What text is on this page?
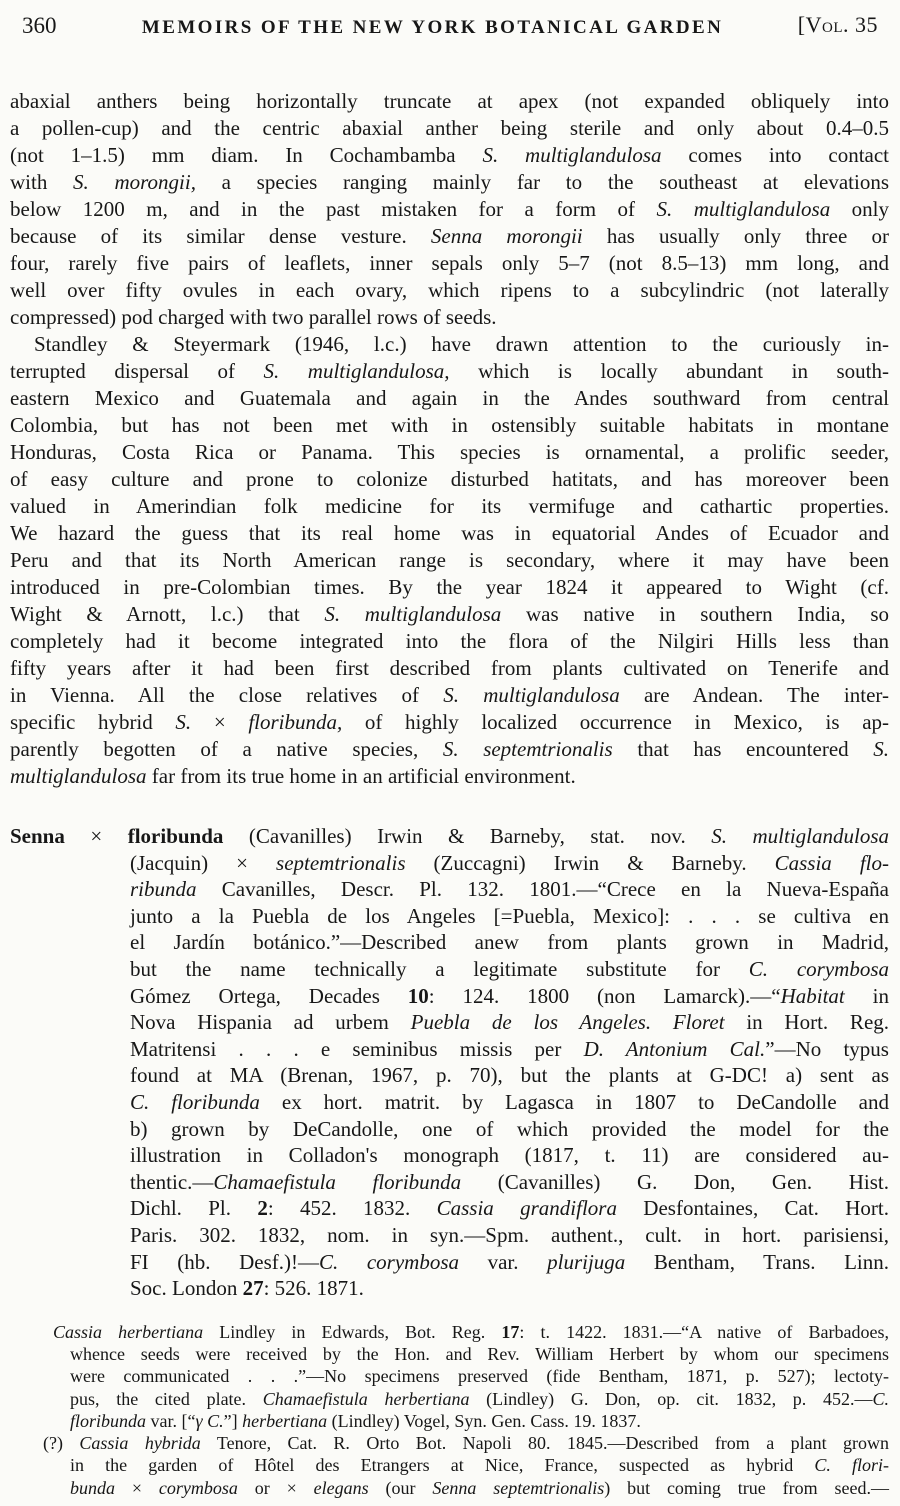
360	MEMOIRS OF THE NEW YORK BOTANICAL GARDEN	[Vol. 35
abaxial anthers being horizontally truncate at apex (not expanded obliquely into
a pollen-cup) and the centric abaxial anther being sterile and only about 0.4–0.5
(not 1–1.5) mm diam. In Cochambamba S. multiglandulosa comes into contact
with S. morongii, a species ranging mainly far to the southeast at elevations
below 1200 m, and in the past mistaken for a form of S. multiglandulosa only
because of its similar dense vesture. Senna morongii has usually only three or
four, rarely five pairs of leaflets, inner sepals only 5–7 (not 8.5–13) mm long, and
well over fifty ovules in each ovary, which ripens to a subcylindric (not laterally
compressed) pod charged with two parallel rows of seeds.
Standley & Steyermark (1946, l.c.) have drawn attention to the curiously in-
terrupted dispersal of S. multiglandulosa, which is locally abundant in south-
eastern Mexico and Guatemala and again in the Andes southward from central
Colombia, but has not been met with in ostensibly suitable habitats in montane
Honduras, Costa Rica or Panama. This species is ornamental, a prolific seeder,
of easy culture and prone to colonize disturbed hatitats, and has moreover been
valued in Amerindian folk medicine for its vermifuge and cathartic properties.
We hazard the guess that its real home was in equatorial Andes of Ecuador and
Peru and that its North American range is secondary, where it may have been
introduced in pre-Colombian times. By the year 1824 it appeared to Wight (cf.
Wight & Arnott, l.c.) that S. multiglandulosa was native in southern India, so
completely had it become integrated into the flora of the Nilgiri Hills less than
fifty years after it had been first described from plants cultivated on Tenerife and
in Vienna. All the close relatives of S. multiglandulosa are Andean. The inter-
specific hybrid S. × floribunda, of highly localized occurrence in Mexico, is ap-
parently begotten of a native species, S. septemtrionalis that has encountered S.
multiglandulosa far from its true home in an artificial environment.
Senna × floribunda (Cavanilles) Irwin & Barneby, stat. nov. S. multiglandulosa
(Jacquin) × septemtrionalis (Zuccagni) Irwin & Barneby. Cassia flo-
ribunda Cavanilles, Descr. Pl. 132. 1801.—“Crece en la Nueva-España
junto a la Puebla de los Angeles [=Puebla, Mexico]: . . . se cultiva en
el Jardín botánico.”—Described anew from plants grown in Madrid,
but the name technically a legitimate substitute for C. corymbosa
Gómez Ortega, Decades 10: 124. 1800 (non Lamarck).—“Habitat in
Nova Hispania ad urbem Puebla de los Angeles. Floret in Hort. Reg.
Matritensi . . . e seminibus missis per D. Antonium Cal.”—No typus
found at MA (Brenan, 1967, p. 70), but the plants at G-DC! a) sent as
C. floribunda ex hort. matrit. by Lagasca in 1807 to DeCandolle and
b) grown by DeCandolle, one of which provided the model for the
illustration in Colladon's monograph (1817, t. 11) are considered au-
thentic.—Chamaefistula floribunda (Cavanilles) G. Don, Gen. Hist.
Dichl. Pl. 2: 452. 1832. Cassia grandiflora Desfontaines, Cat. Hort.
Paris. 302. 1832, nom. in syn.—Spm. authent., cult. in hort. parisiensi,
FI (hb. Desf.)!—C. corymbosa var. plurijuga Bentham, Trans. Linn.
Soc. London 27: 526. 1871.
Cassia herbertiana Lindley in Edwards, Bot. Reg. 17: t. 1422. 1831.—“A native of Barbadoes,
whence seeds were received by the Hon. and Rev. William Herbert by whom our specimens
were communicated . . .”—No specimens preserved (fide Bentham, 1871, p. 527); lectoty-
pus, the cited plate. Chamaefistula herbertiana (Lindley) G. Don, op. cit. 1832, p. 452.—C.
floribunda var. [“γ C.”] herbertiana (Lindley) Vogel, Syn. Gen. Cass. 19. 1837.
(?) Cassia hybrida Tenore, Cat. R. Orto Bot. Napoli 80. 1845.—Described from a plant grown
in the garden of Hôtel des Etrangers at Nice, France, suspected as hybrid C. flori-
bunda × corymbosa or × elegans (our Senna septemtrionalis) but coming true from seed.—
